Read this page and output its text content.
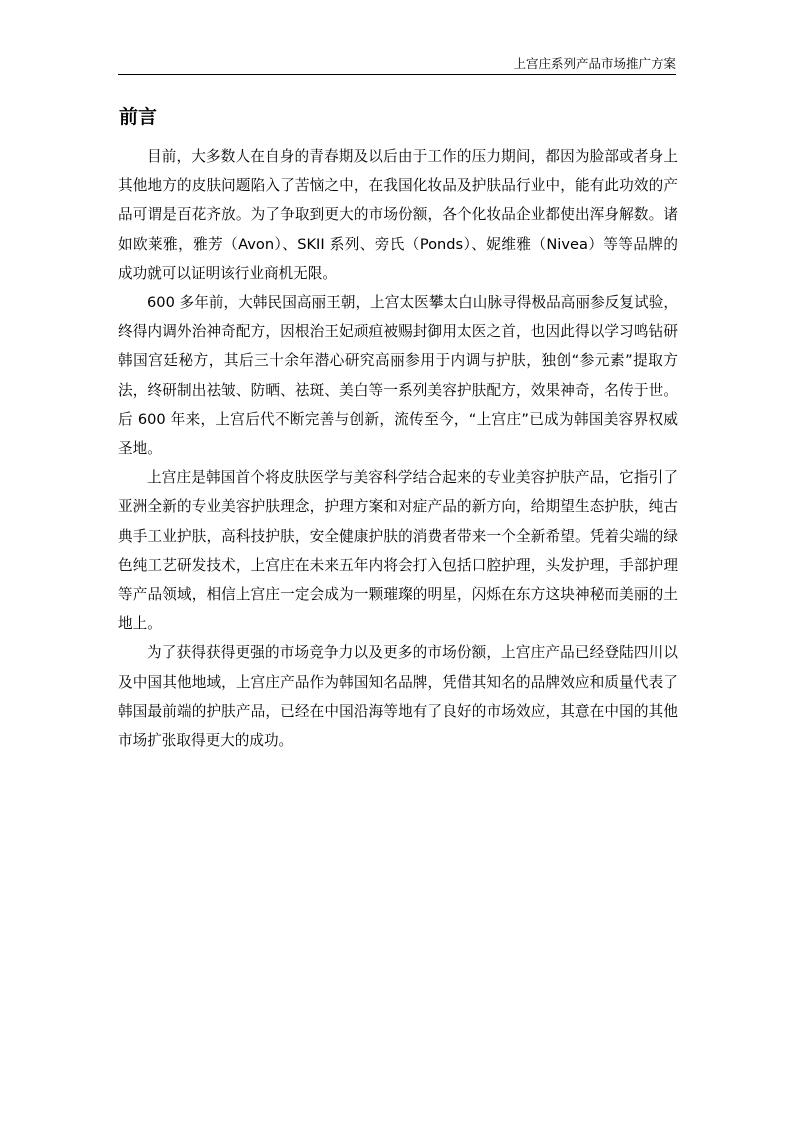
上宫庄系列产品市场推广方案
前言

目前，大多数人在自身的青春期及以后由于工作的压力期间，都因为脸部或者身上其他地方的皮肤问题陷入了苦恼之中，在我国化妆品及护肤品行业中，能有此功效的产品可谓是百花齐放。为了争取到更大的市场份额，各个化妆品企业都使出浑身解数。诸如欧莱雅，雅芳（Avon）、SKII 系列、旁氏（Ponds）、妮维雅（Nivea）等等品牌的成功就可以证明该行业商机无限。

600 多年前，大韩民国高丽王朝，上宫太医攀太白山脉寻得极品高丽参反复试验，终得内调外治神奇配方，因根治王妃顽疸被赐封御用太医之首，也因此得以学习鸣钻研韩国宫廷秘方，其后三十余年潜心研究高丽参用于内调与护肤，独创“参元素”提取方法，终研制出祛皱、防晒、祛斑、美白等一系列美容护肤配方，效果神奇，名传于世。后 600 年来，上宫后代不断完善与创新，流传至今，“上宫庄”已成为韩国美容界权威圣地。

上宫庄是韩国首个将皮肤医学与美容科学结合起来的专业美容护肤产品，它指引了亚洲全新的专业美容护肤理念，护理方案和对症产品的新方向，给期望生态护肤，纯古典手工业护肤，高科技护肤，安全健康护肤的消费者带来一个全新希望。凭着尖端的绿色纯工艺研发技术，上宫庄在未来五年内将会打入包括口腔护理，头发护理，手部护理等产品领域，相信上宫庄一定会成为一颗璀璨的明星，闪烁在东方这块神秘而美丽的土地上。

为了获得获得更强的市场竞争力以及更多的市场份额，上宫庄产品已经登陆四川以及中国其他地域，上宫庄产品作为韩国知名品牌，凭借其知名的品牌效应和质量代表了韩国最前端的护肤产品，已经在中国沿海等地有了良好的市场效应，其意在中国的其他市场扩张取得更大的成功。
